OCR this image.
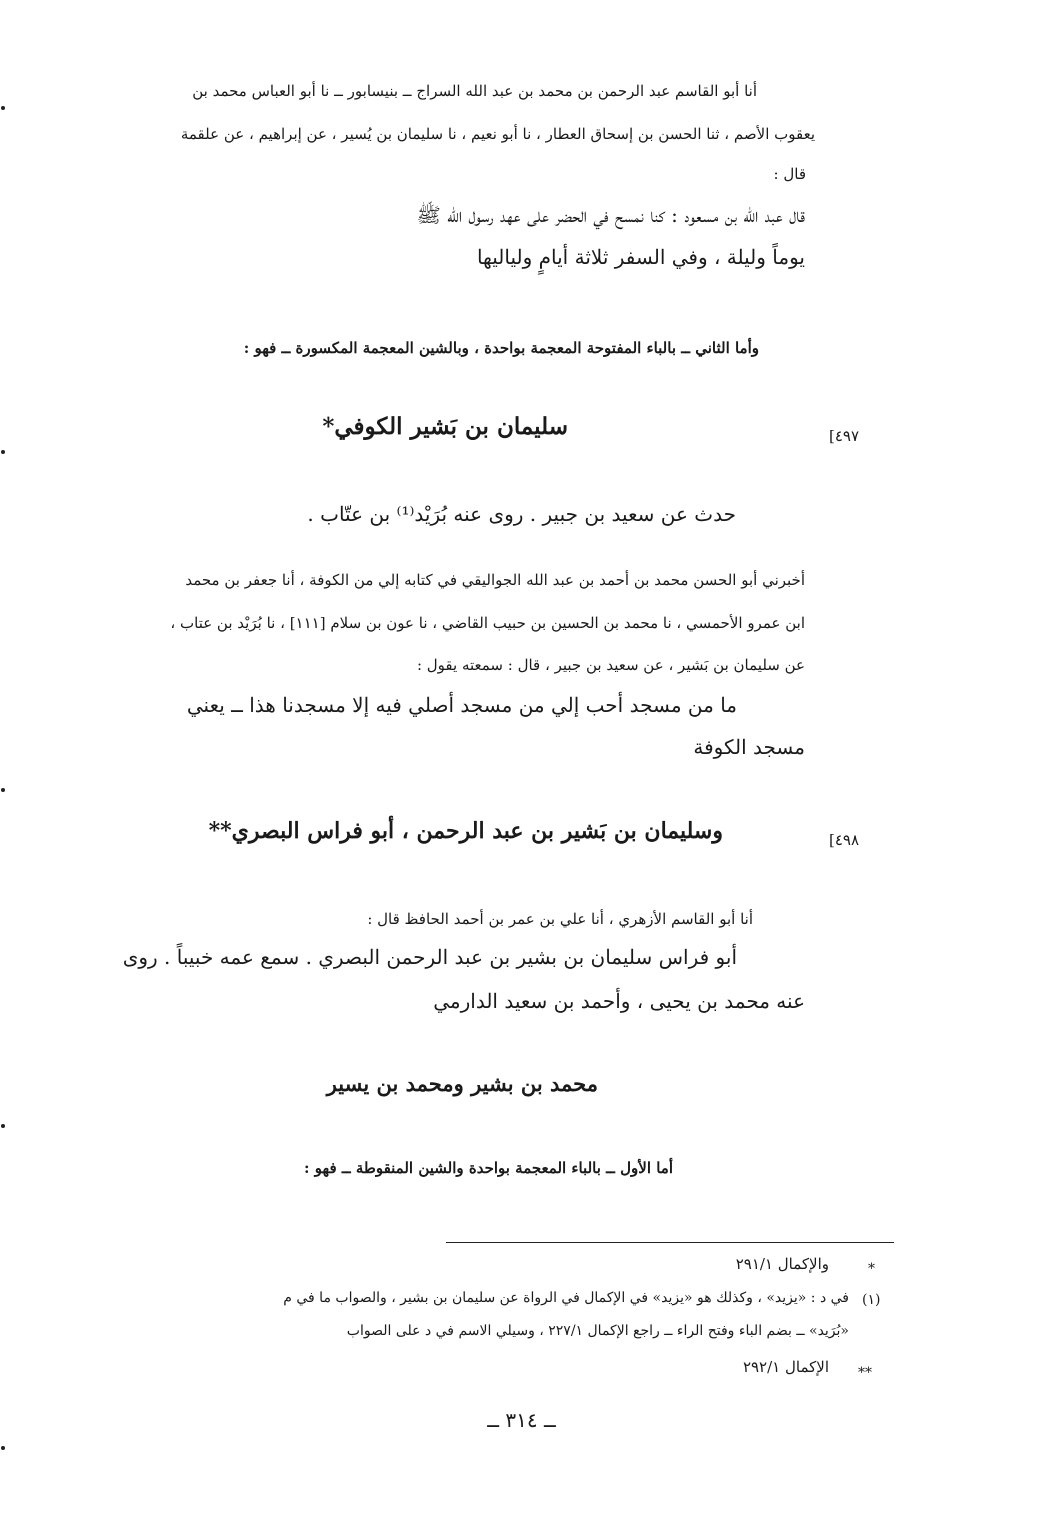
أنا أبو القاسم عبد الرحمن بن محمد بن عبد الله السراج ــ بنيسابور ــ نا أبو العباس محمد بن
يعقوب الأصم ، ثنا الحسن بن إسحاق العطار ، نا أبو نعيم ، نا سليمان بن يُسير ، عن إبراهيم ، عن علقمة
قال :
قال عبد الله بن مسعود : كنا نمسح في الحضر على عهد رسول الله ﷺ
يوماً وليلة ، وفي السفر ثلاثة أيامٍ ولياليها
وأما الثاني ــ بالباء المفتوحة المعجمة بواحدة ، وبالشين المعجمة المكسورة ــ فهو :
[٤٩٧
سليمان بن بَشير الكوفي*
حدث عن سعيد بن جبير . روى عنه بُرَيْد⁽¹⁾ بن عتّاب .
أخبرني أبو الحسن محمد بن أحمد بن عبد الله الجواليقي في كتابه إلي من الكوفة ، أنا جعفر بن محمد
ابن عمرو الأحمسي ، نا محمد بن الحسين بن حبيب القاضي ، نا عون بن سلام [١١١] ، نا بُرَيْد بن عتاب ،
عن سليمان بن بَشير ، عن سعيد بن جبير ، قال : سمعته يقول :
ما من مسجد أحب إلي من مسجد أصلي فيه إلا مسجدنا هذا ــ يعني
مسجد الكوفة
[٤٩٨
وسليمان بن بَشير بن عبد الرحمن ، أبو فراس البصري**
أنا أبو القاسم الأزهري ، أنا علي بن عمر بن أحمد الحافظ قال :
أبو فراس سليمان بن بشير بن عبد الرحمن البصري . سمع عمه خبيباً . روى
عنه محمد بن يحيى ، وأحمد بن سعيد الدارمي
محمد بن بشير ومحمد بن يسير
أما الأول ــ بالباء المعجمة بواحدة والشين المنقوطة ــ فهو :
*
والإكمال ٢٩١/١
(١)
في د : «يزيد» ، وكذلك هو «يزيد» في الإكمال في الرواة عن سليمان بن بشير ، والصواب ما في م
«بُرَيد» ــ بضم الباء وفتح الراء ــ راجع الإكمال ٢٢٧/١ ، وسيلي الاسم في د على الصواب
**
الإكمال ٢٩٢/١
ــ ٣١٤ ــ
